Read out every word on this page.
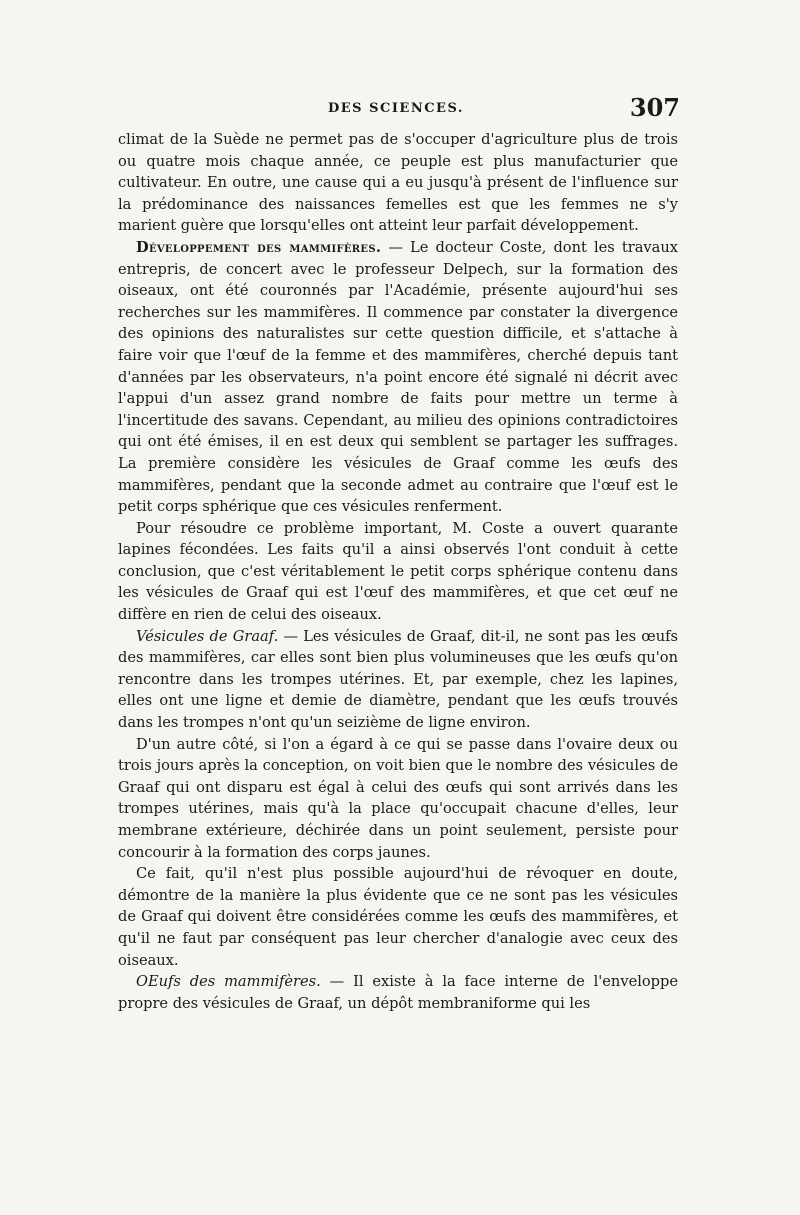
DES SCIENCES.	307

climat de la Suède ne permet pas de s'occuper d'agriculture plus de trois ou quatre mois chaque année, ce peuple est plus manufacturier que cultivateur. En outre, une cause qui a eu jusqu'à présent de l'influence sur la prédominance des naissances femelles est que les femmes ne s'y marient guère que lorsqu'elles ont atteint leur parfait développement.

Développement des mammifères. — Le docteur Coste, dont les travaux entrepris, de concert avec le professeur Delpech, sur la formation des oiseaux, ont été couronnés par l'Académie, présente aujourd'hui ses recherches sur les mammifères. Il commence par constater la divergence des opinions des naturalistes sur cette question difficile, et s'attache à faire voir que l'œuf de la femme et des mammifères, cherché depuis tant d'années par les observateurs, n'a point encore été signalé ni décrit avec l'appui d'un assez grand nombre de faits pour mettre un terme à l'incertitude des savans. Cependant, au milieu des opinions contradictoires qui ont été émises, il en est deux qui semblent se partager les suffrages. La première considère les vésicules de Graaf comme les œufs des mammifères, pendant que la seconde admet au contraire que l'œuf est le petit corps sphérique que ces vésicules renferment.

Pour résoudre ce problème important, M. Coste a ouvert quarante lapines fécondées. Les faits qu'il a ainsi observés l'ont conduit à cette conclusion, que c'est véritablement le petit corps sphérique contenu dans les vésicules de Graaf qui est l'œuf des mammifères, et que cet œuf ne diffère en rien de celui des oiseaux.

Vésicules de Graaf. — Les vésicules de Graaf, dit-il, ne sont pas les œufs des mammifères, car elles sont bien plus volumineuses que les œufs qu'on rencontre dans les trompes utérines. Et, par exemple, chez les lapines, elles ont une ligne et demie de diamètre, pendant que les œufs trouvés dans les trompes n'ont qu'un seizième de ligne environ.

D'un autre côté, si l'on a égard à ce qui se passe dans l'ovaire deux ou trois jours après la conception, on voit bien que le nombre des vésicules de Graaf qui ont disparu est égal à celui des œufs qui sont arrivés dans les trompes utérines, mais qu'à la place qu'occupait chacune d'elles, leur membrane extérieure, déchirée dans un point seulement, persiste pour concourir à la formation des corps jaunes.

Ce fait, qu'il n'est plus possible aujourd'hui de révoquer en doute, démontre de la manière la plus évidente que ce ne sont pas les vésicules de Graaf qui doivent être considérées comme les œufs des mammifères, et qu'il ne faut par conséquent pas leur chercher d'analogie avec ceux des oiseaux.

OEufs des mammifères. — Il existe à la face interne de l'enveloppe propre des vésicules de Graaf, un dépôt membraniforme qui les
